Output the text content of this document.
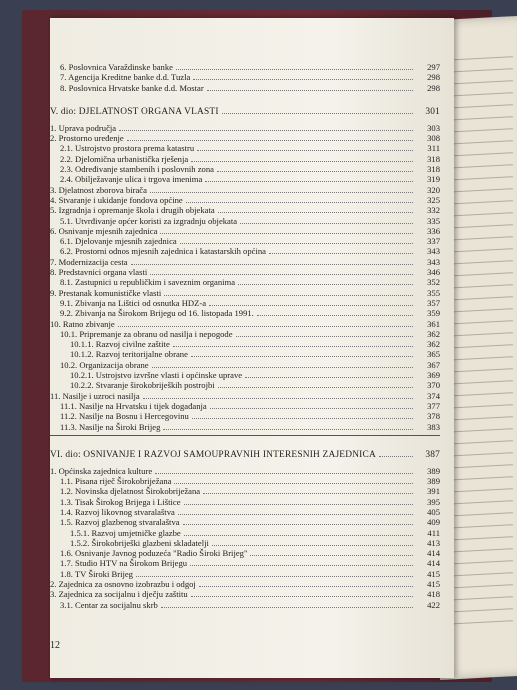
6. Poslovnica Varaždinske banke	297
7. Agencija Kreditne banke d.d. Tuzla	298
8. Poslovnica Hrvatske banke d.d. Mostar	298
V. dio: DJELATNOST ORGANA VLASTI	301
1. Uprava područja	303
2. Prostorno uređenje	308
2.1. Ustrojstvo prostora prema katastru	311
2.2. Djelomična urbanistička rješenja	318
2.3. Određivanje stambenih i poslovnih zona	318
2.4. Obilježavanje ulica i trgova imenima	319
3. Djelatnost zborova birača	320
4. Stvaranje i ukidanje fondova općine	325
5. Izgradnja i opremanje škola i drugih objekata	332
5.1. Utvrđivanje općer koristi za izgradnju objekata	335
6. Osnivanje mjesnih zajednica	336
6.1. Djelovanje mjesnih zajednica	337
6.2. Prostorni odnos mjesnih zajednica i katastarskih općina	343
7. Modernizacija cesta	343
8. Predstavnici organa vlasti	346
8.1. Zastupnici u republičkim i saveznim organima	352
9. Prestanak komunističke vlasti	355
9.1. Zbivanja na Lištici od osnutka HDZ-a	357
9.2. Zbivanja na Širokom Brijegu od 16. listopada 1991.	359
10. Ratno zbivanje	361
10.1. Pripremanje za obranu od nasilja i nepogode	362
10.1.1. Razvoj civilne zaštite	362
10.1.2. Razvoj teritorijalne obrane	365
10.2. Organizacija obrane	367
10.2.1. Ustrojstvo izvršne vlasti i općinske uprave	369
10.2.2. Stvaranje širokobrijeških postrojbi	370
11. Nasilje i uzroci nasilja	374
11.1. Nasilje na Hrvatsku i tijek događanja	377
11.2. Nasilje na Bosnu i Hercegovinu	378
11.3. Nasilje na Široki Brijeg	383
VI. dio: OSNIVANJE I RAZVOJ SAMOUPRAVNIH INTERESNIH ZAJEDNICA	387
1. Općinska zajednica kulture	389
1.1. Pisana riječ Širokobriježana	389
1.2. Novinska djelatnost Širokobriježana	391
1.3. Tisak Širokog Brijega i Lištice	395
1.4. Razvoj likovnog stvaralaštva	405
1.5. Razvoj glazbenog stvaralaštva	409
1.5.1. Razvoj umjetničke glazbe	411
1.5.2. Širokobriješki glazbeni skladatelji	413
1.6. Osnivanje Javnog poduzeća "Radio Široki Brijeg"	414
1.7. Studio HTV na Širokom Brijegu	414
1.8. TV Široki Brijeg	415
2. Zajednica za osnovno izobrazbu i odgoj	415
3. Zajednica za socijalnu i dječju zaštitu	418
3.1. Centar za socijalnu skrb	422
12
